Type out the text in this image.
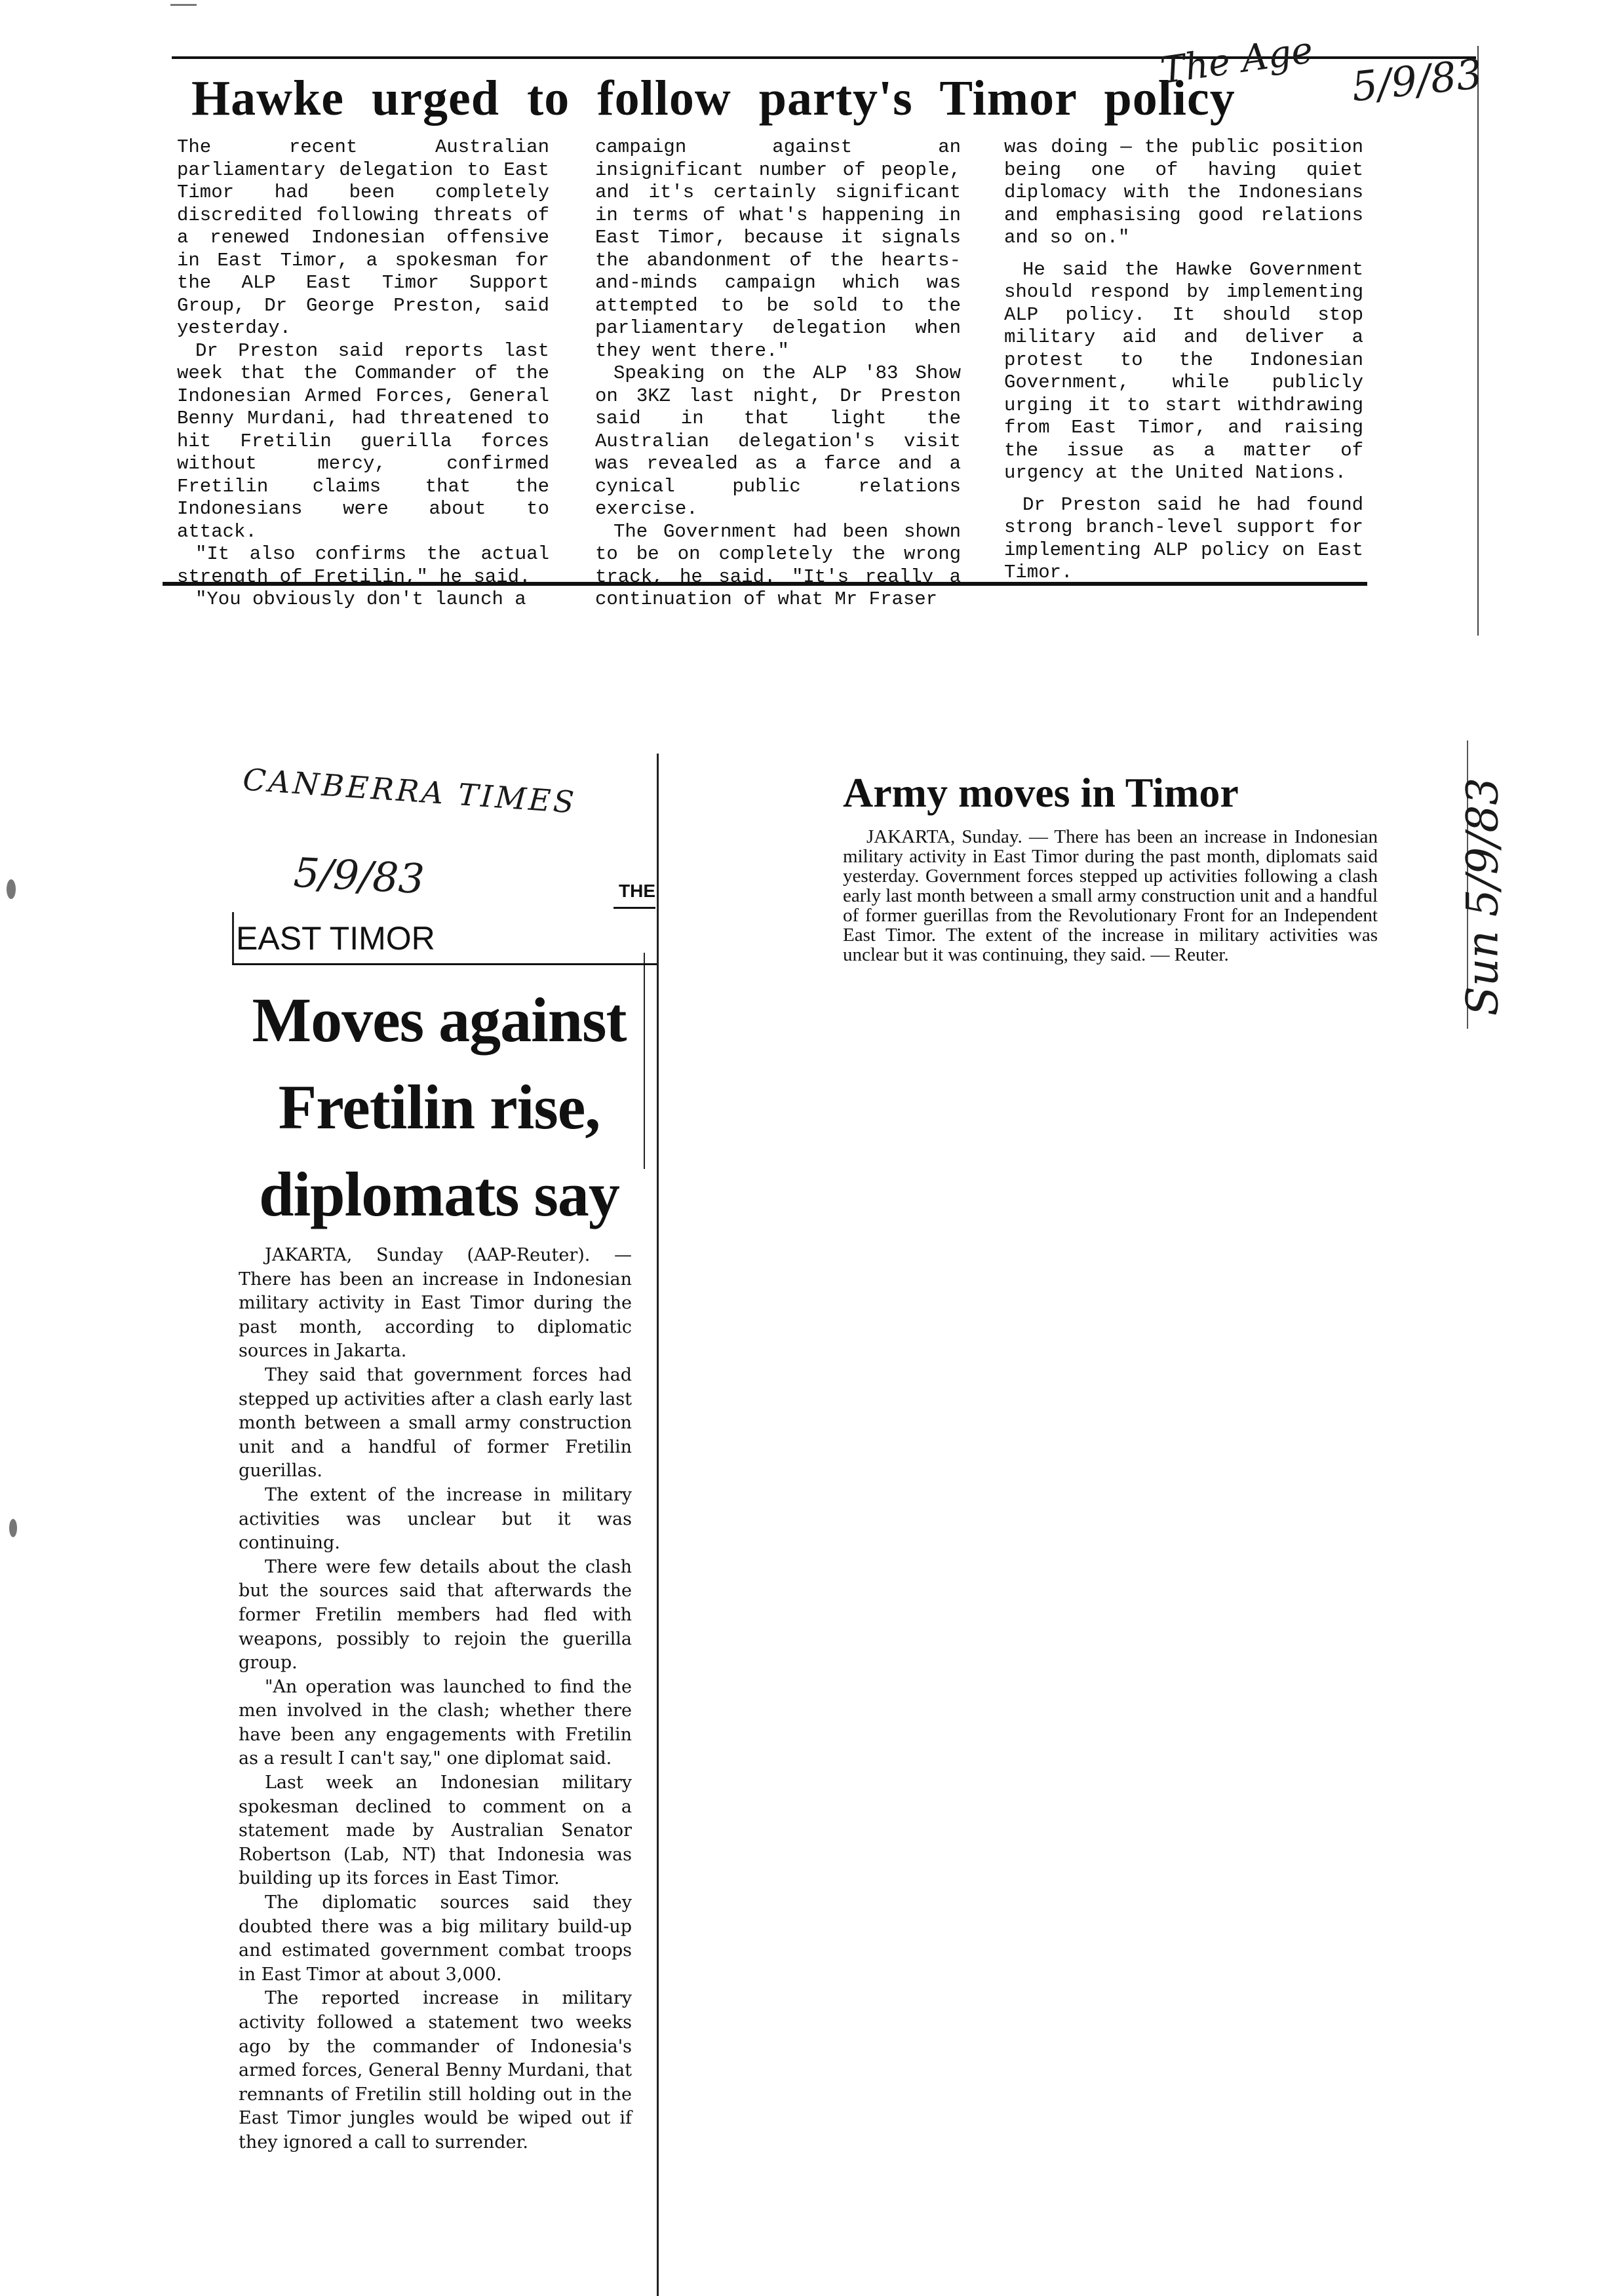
Hawke urged to follow party's Timor policy
The Age 5/9/83

The recent Australian parliamentary delegation to East Timor had been completely discredited following threats of a renewed Indonesian offensive in East Timor, a spokesman for the ALP East Timor Support Group, Dr George Preston, said yesterday.

Dr Preston said reports last week that the Commander of the Indonesian Armed Forces, General Benny Murdani, had threatened to hit Fretilin guerilla forces without mercy, confirmed Fretilin claims that the Indonesians were about to attack.

"It also confirms the actual strength of Fretilin," he said.

"You obviously don't launch a

campaign against an insignificant number of people, and it's certainly significant in terms of what's happening in East Timor, because it signals the abandonment of the hearts-and-minds campaign which was attempted to be sold to the parliamentary delegation when they went there."

Speaking on the ALP '83 Show on 3KZ last night, Dr Preston said in that light the Australian delegation's visit was revealed as a farce and a cynical public relations exercise.

The Government had been shown to be on completely the wrong track, he said. "It's really a continuation of what Mr Fraser

was doing — the public position being one of having quiet diplomacy with the Indonesians and emphasising good relations and so on."

He said the Hawke Government should respond by implementing ALP policy. It should stop military aid and deliver a protest to the Indonesian Government, while publicly urging it to start withdrawing from East Timor, and raising the issue as a matter of urgency at the United Nations.

Dr Preston said he had found strong branch-level support for implementing ALP policy on East Timor.

CANBERRA TIMES
5/9/83	THE
EAST TIMOR
Moves against
Fretilin rise,
diplomats say

JAKARTA, Sunday (AAP-Reuter). — There has been an increase in Indonesian military activity in East Timor during the past month, according to diplomatic sources in Jakarta.

They said that government forces had stepped up activities after a clash early last month between a small army construction unit and a handful of former Fretilin guerillas.

The extent of the increase in military activities was unclear but it was continuing.

There were few details about the clash but the sources said that afterwards the former Fretilin members had fled with weapons, possibly to rejoin the guerilla group.

"An operation was launched to find the men involved in the clash; whether there have been any engagements with Fretilin as a result I can't say," one diplomat said.

Last week an Indonesian military spokesman declined to comment on a statement made by Australian Senator Robertson (Lab, NT) that Indonesia was building up its forces in East Timor.

The diplomatic sources said they doubted there was a big military build-up and estimated government combat troops in East Timor at about 3,000.

The reported increase in military activity followed a statement two weeks ago by the commander of Indonesia's armed forces, General Benny Murdani, that remnants of Fretilin still holding out in the East Timor jungles would be wiped out if they ignored a call to surrender.

Army moves in Timor

JAKARTA, Sunday. — There has been an increase in Indonesian military activity in East Timor during the past month, diplomats said yesterday. Government forces stepped up activities following a clash early last month between a small army construction unit and a handful of former guerillas from the Revolutionary Front for an Independent East Timor. The extent of the increase in military activities was unclear but it was continuing, they said. — Reuter.	Sun 5/9/83
